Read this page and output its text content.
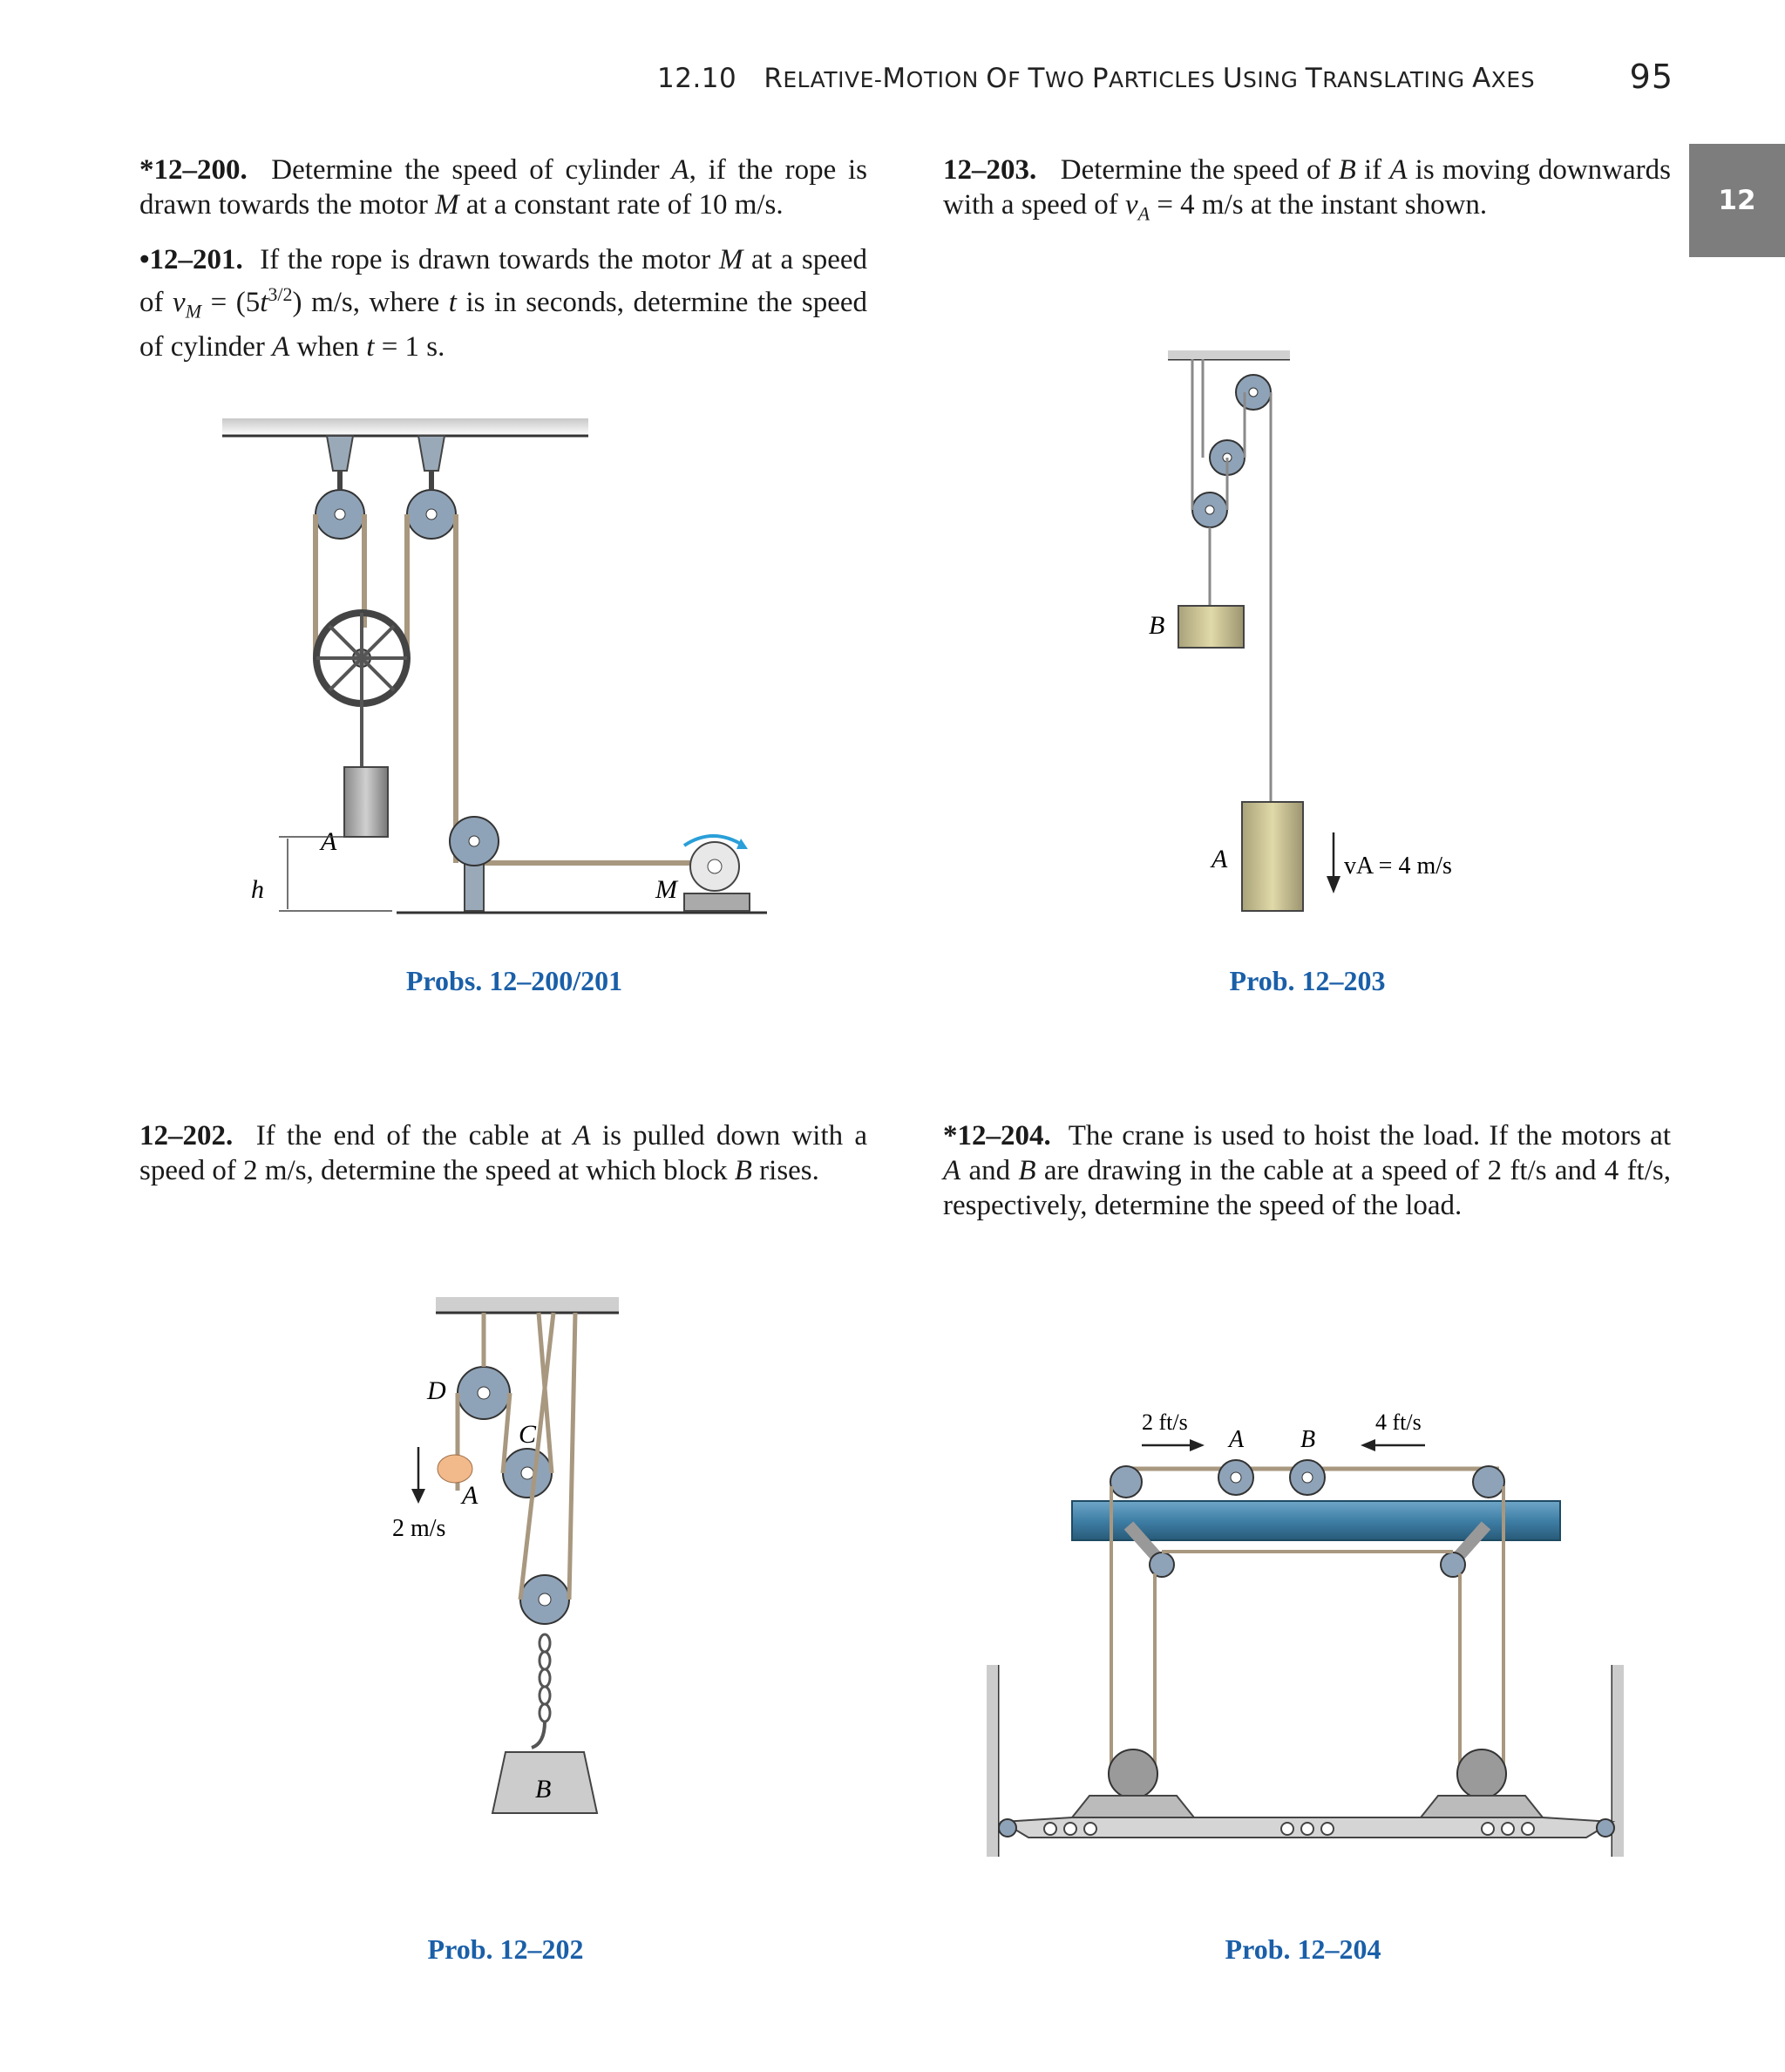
12.10 RELATIVE-MOTION OF TWO PARTICLES USING TRANSLATING AXES	95
12
*12–200.  Determine the speed of cylinder A, if the rope is drawn towards the motor M at a constant rate of 10 m/s.
•12–201.  If the rope is drawn towards the motor M at a speed of $v_M = (5t^{3/2})$ m/s, where t is in seconds, determine the speed of cylinder A when t = 1 s.
12–203.   Determine the speed of B if A is moving downwards with a speed of $v_A = 4$ m/s at the instant shown.
12–202.  If the end of the cable at A is pulled down with a speed of 2 m/s, determine the speed at which block B rises.
*12–204.  The crane is used to hoist the load. If the motors at A and B are drawing in the cable at a speed of 2 ft/s and 4 ft/s, respectively, determine the speed of the load.
A
h	M
Probs. 12–200/201
B
A	vA = 4 m/s
Prob. 12–203
B
D
C
A
2 m/s
Prob. 12–202
A B
2 ft/s	4 ft/s
Prob. 12–204
